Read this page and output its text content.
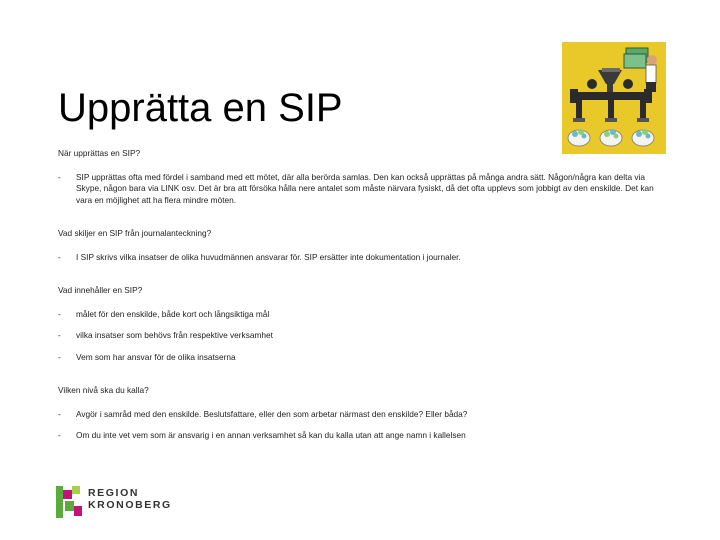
Upprätta en SIP

När upprättas en SIP?

- SIP upprättas ofta med fördel i samband med ett mötet, där alla berörda samlas. Den kan också upprättas på många andra sätt. Någon/några kan delta via Skype, någon bara via LINK osv. Det är bra att försöka hålla nere antalet som måste närvara fysiskt, då det ofta upplevs som jobbigt av den enskilde. Det kan vara en möjlighet att ha flera mindre möten.

Vad skiljer en SIP från journalanteckning?

- I SIP skrivs vilka insatser de olika huvudmännen ansvarar för. SIP ersätter inte dokumentation i journaler.

Vad innehåller en SIP?

- målet för den enskilde, både kort och långsiktiga mål

- vilka insatser som behövs från respektive verksamhet

- Vem som har ansvar för de olika insatserna

Vilken nivå ska du kalla?

- Avgör i samråd med den enskilde. Beslutsfattare, eller den som arbetar närmast den enskilde? Eller båda?

- Om du inte vet vem som är ansvarig i en annan verksamhet så kan du kalla utan att ange namn i kallelsen

REGION
KRONOBERG
